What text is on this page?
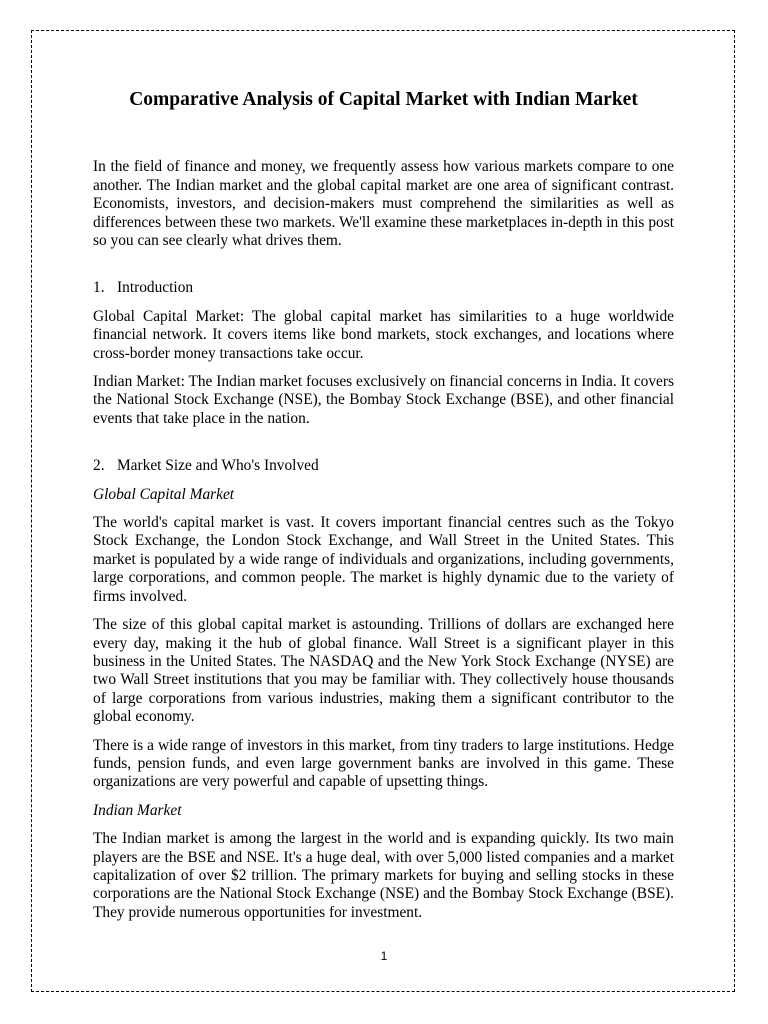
Comparative Analysis of Capital Market with Indian Market

In the field of finance and money, we frequently assess how various markets compare to one another. The Indian market and the global capital market are one area of significant contrast. Economists, investors, and decision-makers must comprehend the similarities as well as differences between these two markets. We'll examine these marketplaces in-depth in this post so you can see clearly what drives them.

1. Introduction

Global Capital Market: The global capital market has similarities to a huge worldwide financial network. It covers items like bond markets, stock exchanges, and locations where cross-border money transactions take occur.

Indian Market: The Indian market focuses exclusively on financial concerns in India. It covers the National Stock Exchange (NSE), the Bombay Stock Exchange (BSE), and other financial events that take place in the nation.

2. Market Size and Who's Involved
Global Capital Market

The world's capital market is vast. It covers important financial centres such as the Tokyo Stock Exchange, the London Stock Exchange, and Wall Street in the United States. This market is populated by a wide range of individuals and organizations, including governments, large corporations, and common people. The market is highly dynamic due to the variety of firms involved.

The size of this global capital market is astounding. Trillions of dollars are exchanged here every day, making it the hub of global finance. Wall Street is a significant player in this business in the United States. The NASDAQ and the New York Stock Exchange (NYSE) are two Wall Street institutions that you may be familiar with. They collectively house thousands of large corporations from various industries, making them a significant contributor to the global economy.

There is a wide range of investors in this market, from tiny traders to large institutions. Hedge funds, pension funds, and even large government banks are involved in this game. These organizations are very powerful and capable of upsetting things.

Indian Market

The Indian market is among the largest in the world and is expanding quickly. Its two main players are the BSE and NSE. It's a huge deal, with over 5,000 listed companies and a market capitalization of over $2 trillion. The primary markets for buying and selling stocks in these corporations are the National Stock Exchange (NSE) and the Bombay Stock Exchange (BSE). They provide numerous opportunities for investment.

1
